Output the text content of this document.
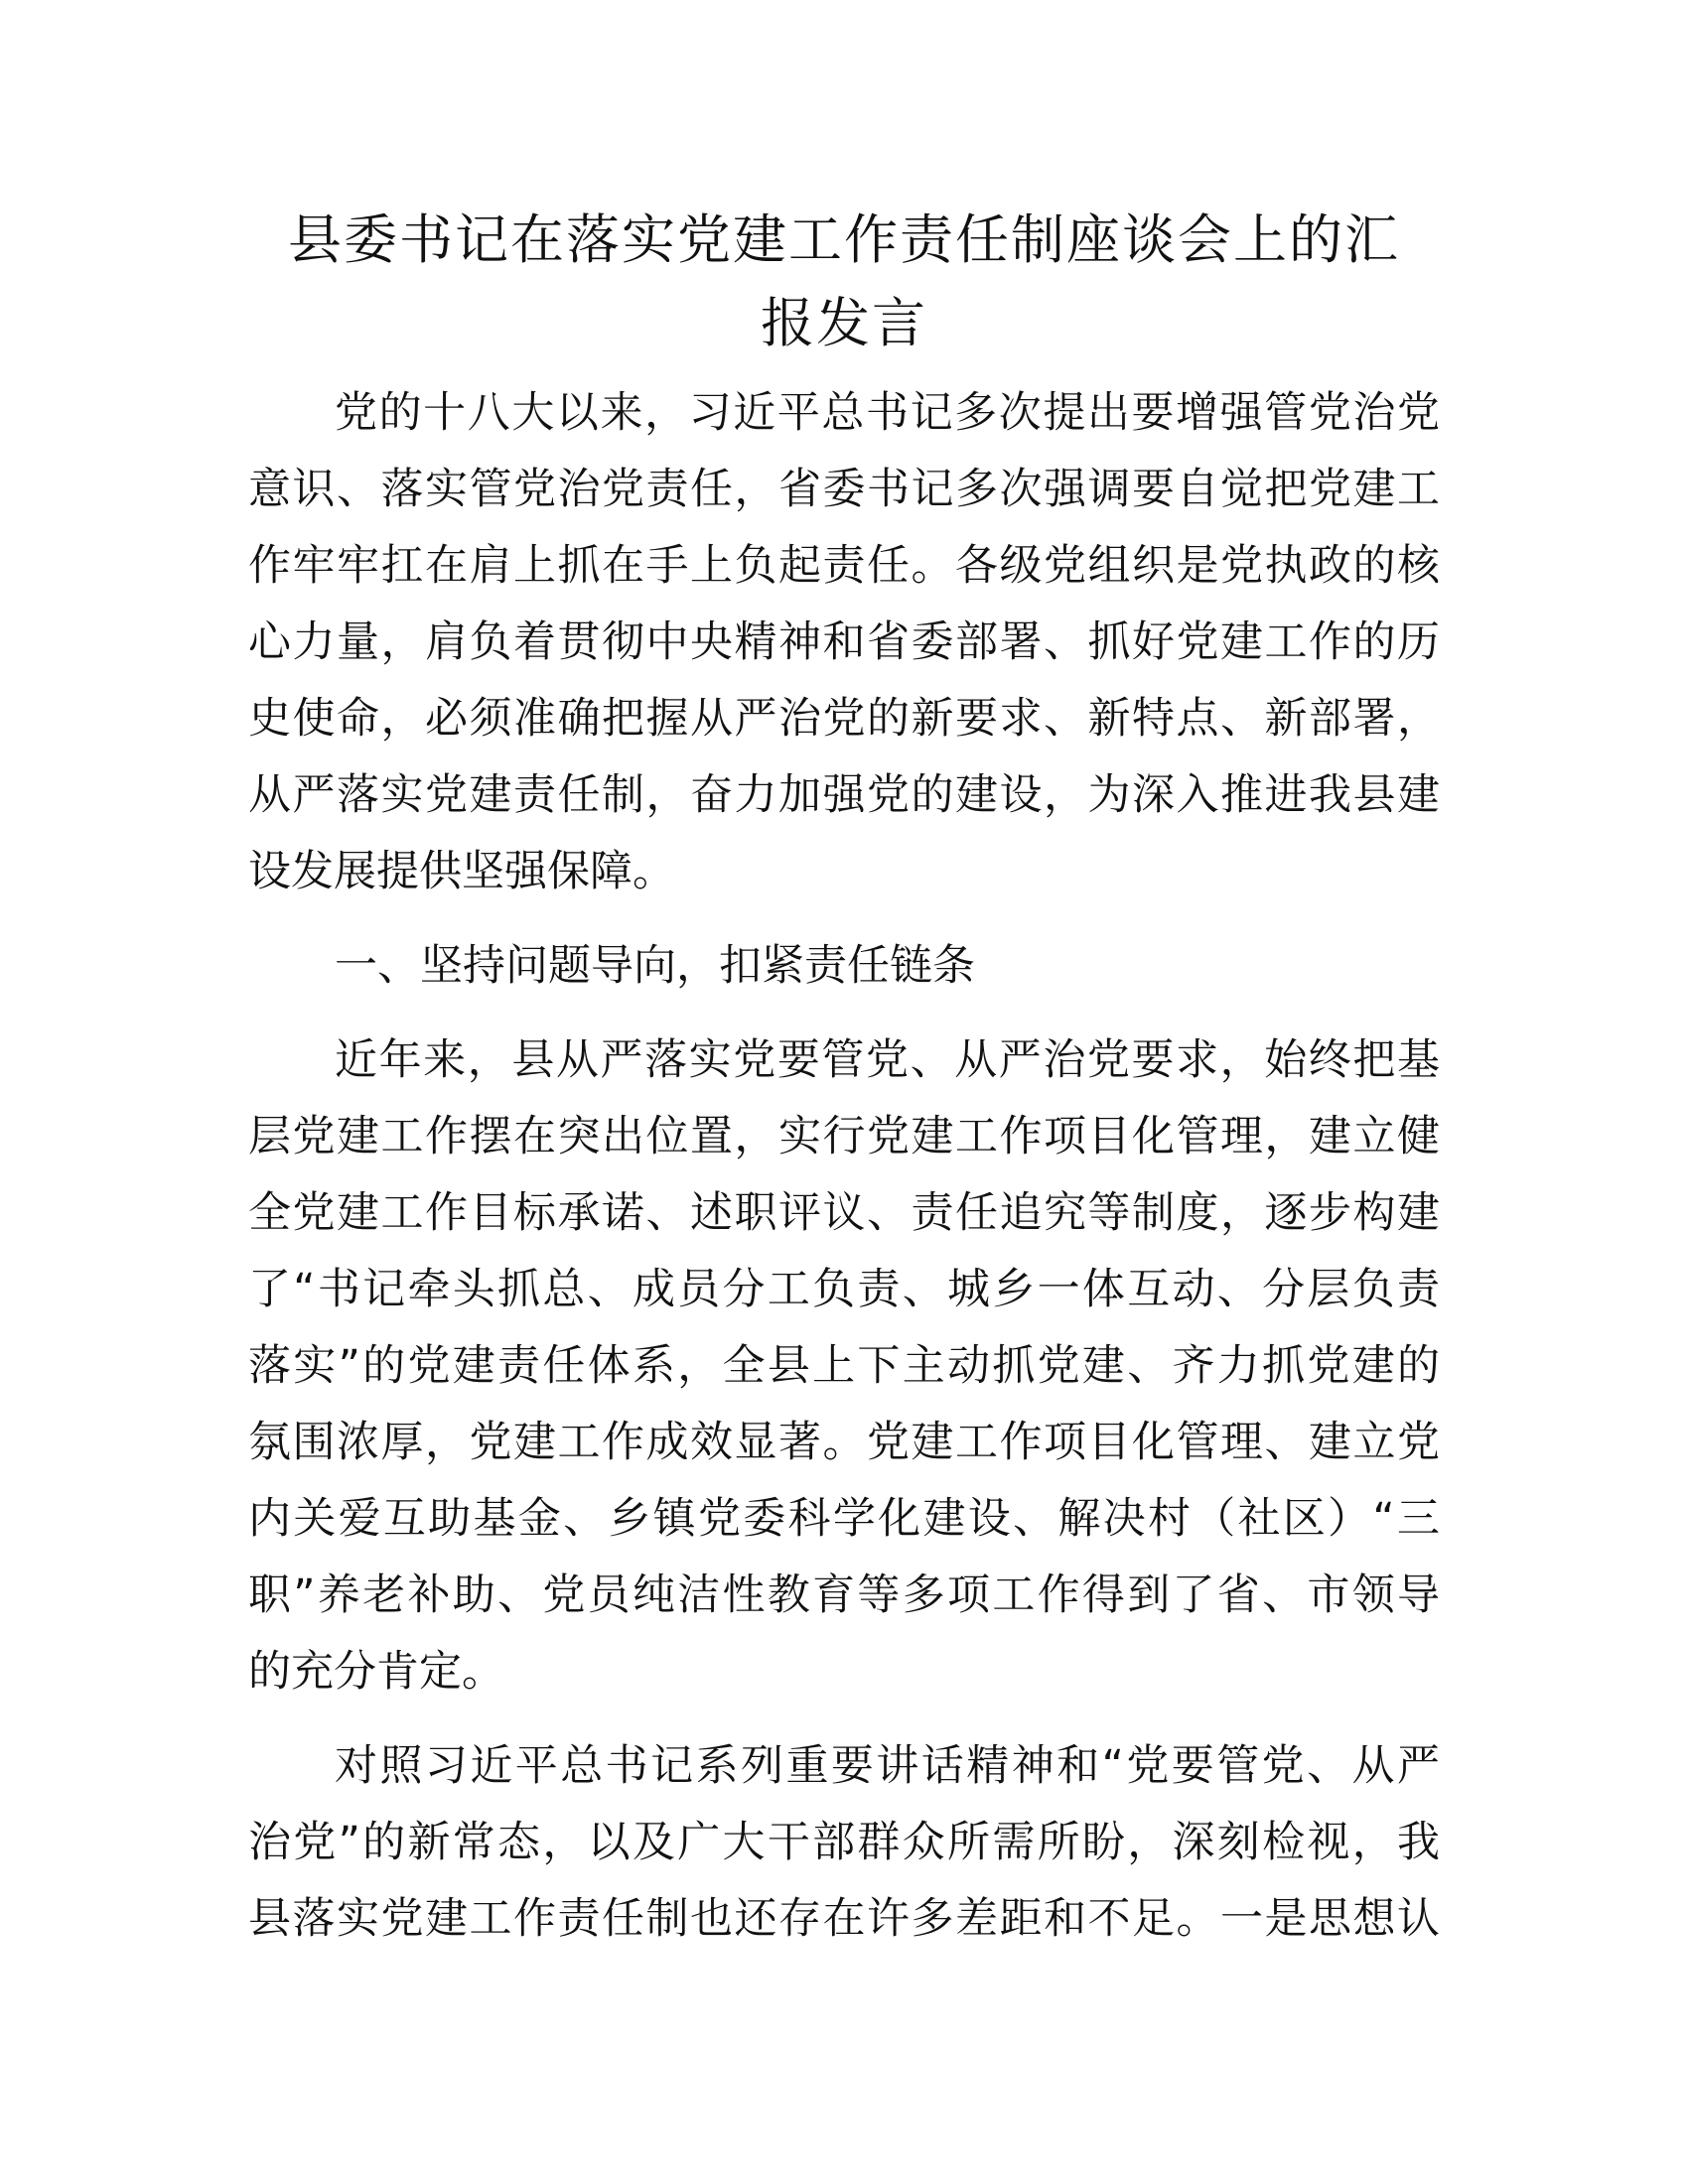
县委书记在落实党建工作责任制座谈会上的汇
报发言

党的十八大以来，习近平总书记多次提出要增强管党治党
意识、落实管党治党责任，省委书记多次强调要自觉把党建工
作牢牢扛在肩上抓在手上负起责任。各级党组织是党执政的核
心力量，肩负着贯彻中央精神和省委部署、抓好党建工作的历
史使命，必须准确把握从严治党的新要求、新特点、新部署，
从严落实党建责任制，奋力加强党的建设，为深入推进我县建
设发展提供坚强保障。

一、坚持问题导向，扣紧责任链条

近年来，县从严落实党要管党、从严治党要求，始终把基
层党建工作摆在突出位置，实行党建工作项目化管理，建立健
全党建工作目标承诺、述职评议、责任追究等制度，逐步构建
了“书记牵头抓总、成员分工负责、城乡一体互动、分层负责
落实”的党建责任体系，全县上下主动抓党建、齐力抓党建的
氛围浓厚，党建工作成效显著。党建工作项目化管理、建立党
内关爱互助基金、乡镇党委科学化建设、解决村（社区）“三
职”养老补助、党员纯洁性教育等多项工作得到了省、市领导
的充分肯定。

对照习近平总书记系列重要讲话精神和“党要管党、从严
治党”的新常态，以及广大干部群众所需所盼，深刻检视，我
县落实党建工作责任制也还存在许多差距和不足。一是思想认
